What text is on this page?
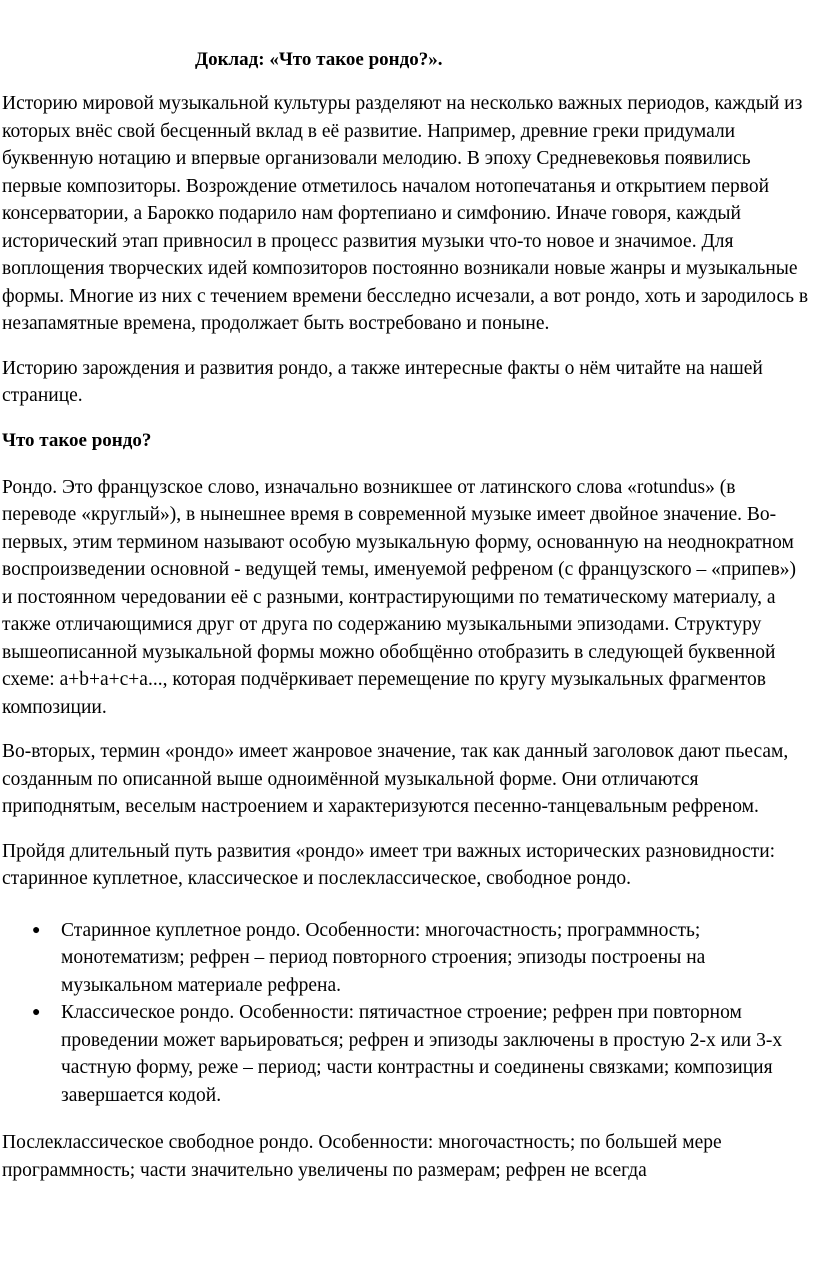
Доклад: «Что такое рондо?».

Историю мировой музыкальной культуры разделяют на несколько важных периодов, каждый из которых внёс свой бесценный вклад в её развитие. Например, древние греки придумали буквенную нотацию и впервые организовали мелодию. В эпоху Средневековья появились первые композиторы. Возрождение отметилось началом нотопечатанья и открытием первой консерватории, а Барокко подарило нам фортепиано и симфонию. Иначе говоря, каждый исторический этап привносил в процесс развития музыки что-то новое и значимое. Для воплощения творческих идей композиторов постоянно возникали новые жанры и музыкальные формы. Многие из них с течением времени бесследно исчезали, а вот рондо, хоть и зародилось в незапамятные времена, продолжает быть востребовано и поныне.

Историю зарождения и развития рондо, а также интересные факты о нём читайте на нашей странице.

Что такое рондо?

Рондо. Это французское слово, изначально возникшее от латинского слова «rotundus» (в переводе «круглый»), в нынешнее время в современной музыке имеет двойное значение. Во-первых, этим термином называют особую музыкальную форму, основанную на неоднократном воспроизведении основной - ведущей темы, именуемой рефреном (с французского – «припев») и постоянном чередовании её с разными, контрастирующими по тематическому материалу, а также отличающимися друг от друга по содержанию музыкальными эпизодами. Структуру вышеописанной музыкальной формы можно обобщённо отобразить в следующей буквенной схеме: a+b+a+c+a..., которая подчёркивает перемещение по кругу музыкальных фрагментов композиции.

Во-вторых, термин «рондо» имеет жанровое значение, так как данный заголовок дают пьесам, созданным по описанной выше одноимённой музыкальной форме. Они отличаются приподнятым, веселым настроением и характеризуются песенно-танцевальным рефреном.

Пройдя длительный путь развития «рондо» имеет три важных исторических разновидности: старинное куплетное, классическое и послеклассическое, свободное рондо.

● Старинное куплетное рондо. Особенности: многочастность; программность; монотематизм; рефрен – период повторного строения; эпизоды построены на музыкальном материале рефрена.
● Классическое рондо. Особенности: пятичастное строение; рефрен при повторном проведении может варьироваться; рефрен и эпизоды заключены в простую 2-х или 3-х частную форму, реже – период; части контрастны и соединены связками; композиция завершается кодой.

Послеклассическое свободное рондо. Особенности: многочастность; по большей мере программность; части значительно увеличены по размерам; рефрен не всегда
